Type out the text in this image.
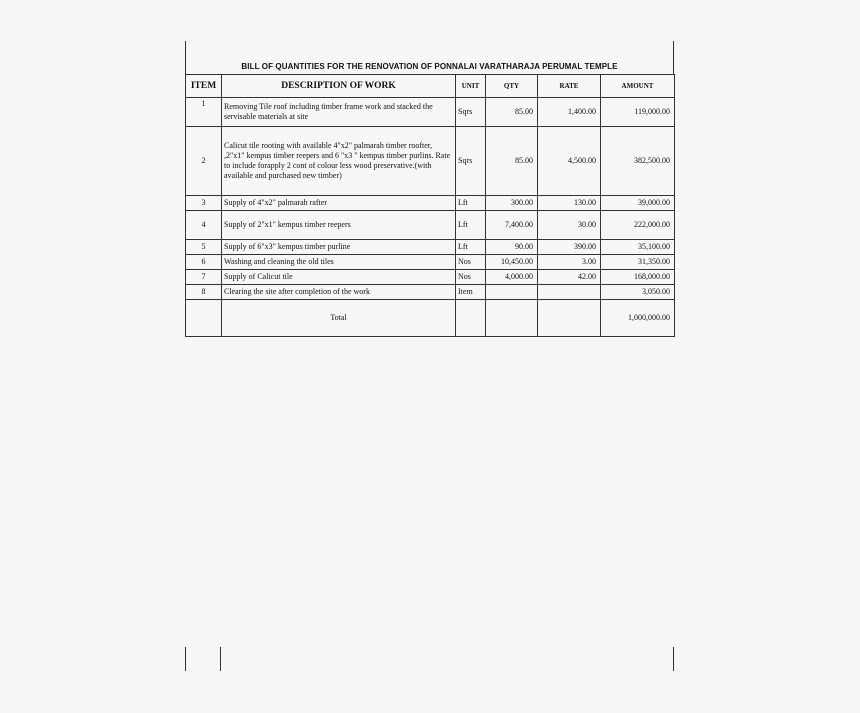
BILL OF QUANTITIES FOR THE RENOVATION OF PONNALAI VARATHARAJA PERUMAL TEMPLE
ITEM	DESCRIPTION OF WORK	UNIT	QTY	RATE	AMOUNT
1	Removing Tile roof including timber frame work and stacked the servisable materials at site	Sqrs	85.00	1,400.00	119,000.00
2	Calicut tile rooting with available 4"x2" palmarah timber roofter, ,2"x1" kempus timber reepers and 6 "x3 " kempus timber purlins. Rate to include forapply 2 cont of colour less wood preservative.(with available and purchased new timber)	Sqrs	85.00	4,500.00	382,500.00
3	Supply of 4"x2" palmarah rafter	Lft	300.00	130.00	39,000.00
4	Supply of 2"x1" kempus timber reepers	Lft	7,400.00	30.00	222,000.00
5	Supply of 6"x3" kempus timber purline	Lft	90.00	390.00	35,100.00
6	Washing and cleaning the old tiles	Nos	10,450.00	3.00	31,350.00
7	Supply of Calicut tile	Nos	4,000.00	42.00	168,000.00
8	Clearing the site after completion of the work	Item			3,050.00
	Total				1,000,000.00
